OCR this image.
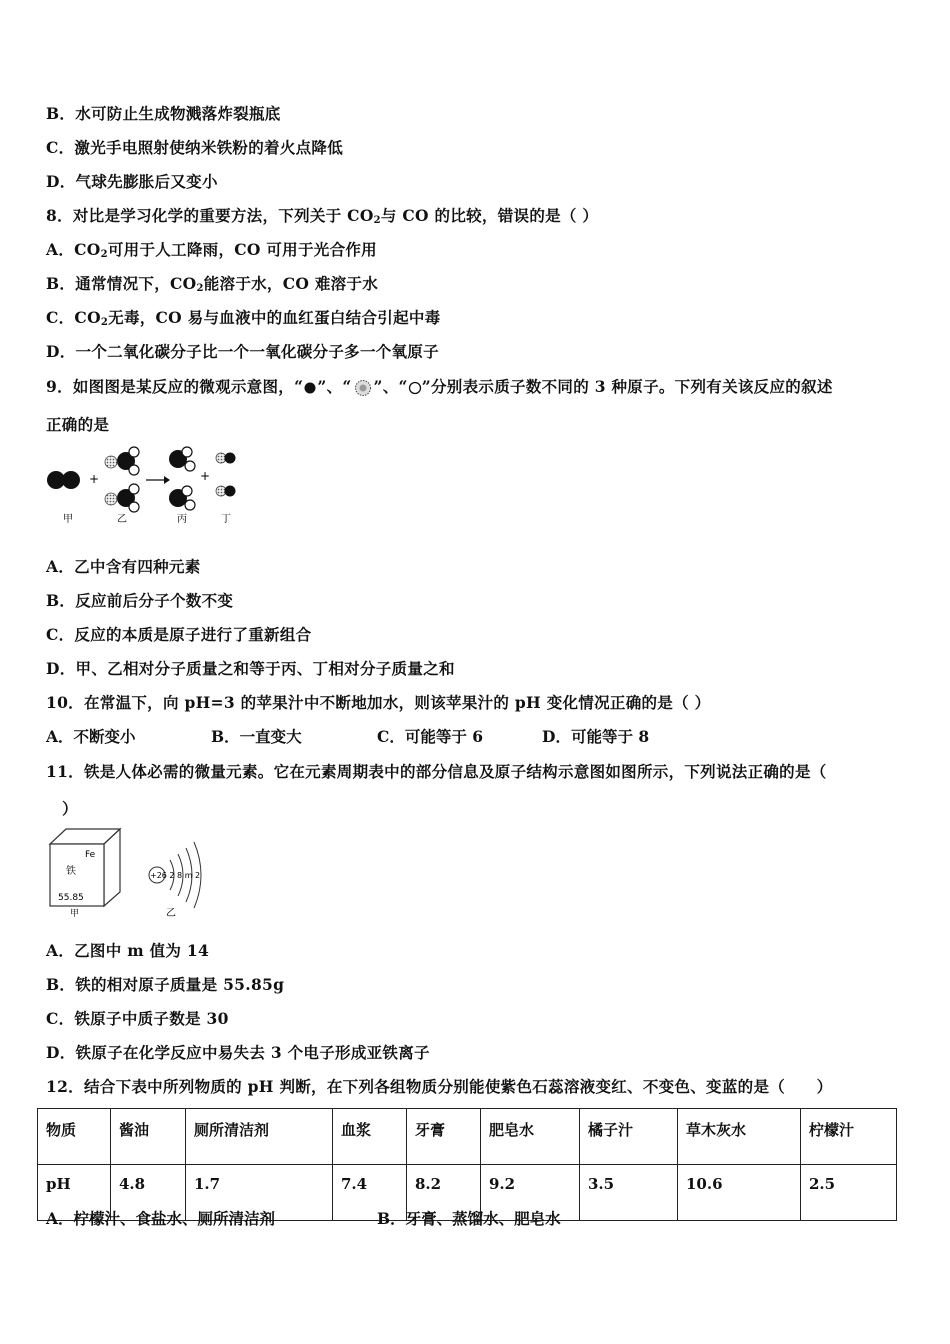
B．水可防止生成物溅落炸裂瓶底
C．激光手电照射使纳米铁粉的着火点降低
D．气球先膨胀后又变小
8．对比是学习化学的重要方法，下列关于 $CO_2$与 CO 的比较，错误的是（ ）
A．$CO_2$可用于人工降雨，CO 可用于光合作用
B．通常情况下，$CO_2$能溶于水，CO 难溶于水
C．$CO_2$无毒，CO 易与血液中的血红蛋白结合引起中毒
D．一个二氧化碳分子比一个一氧化碳分子多一个氧原子
9．如图图是某反应的微观示意图，“ ”、“ ”、“ ”分别表示质子数不同的 3 种原子。下列有关该反应的叙述
正确的是
+	+
甲	乙	丙	丁
A．乙中含有四种元素
B．反应前后分子个数不变
C．反应的本质是原子进行了重新组合
D．甲、乙相对分子质量之和等于丙、丁相对分子质量之和
10．在常温下，向 pH=3 的苹果汁中不断地加水，则该苹果汁的 pH 变化情况正确的是（ ）
A．不断变小	B．一直变大	C．可能等于 6	D．可能等于 8
11．铁是人体必需的微量元素。它在元素周期表中的部分信息及原子结构示意图如图所示，下列说法正确的是（
）
Fe
铁
55.85
甲
+26 2 8 m 2
乙
A．乙图中 m 值为 14
B．铁的相对原子质量是 55.85g
C．铁原子中质子数是 30
D．铁原子在化学反应中易失去 3 个电子形成亚铁离子
12．结合下表中所列物质的 pH 判断，在下列各组物质分别能使紫色石蕊溶液变红、不变色、变蓝的是（　　）
物质	酱油	厕所清洁剂	血浆	牙膏	肥皂水	橘子汁	草木灰水	柠檬汁
pH	4.8	1.7	7.4	8.2	9.2	3.5	10.6	2.5
A．柠檬汁、食盐水、厕所清洁剂	B．牙膏、蒸馏水、肥皂水
